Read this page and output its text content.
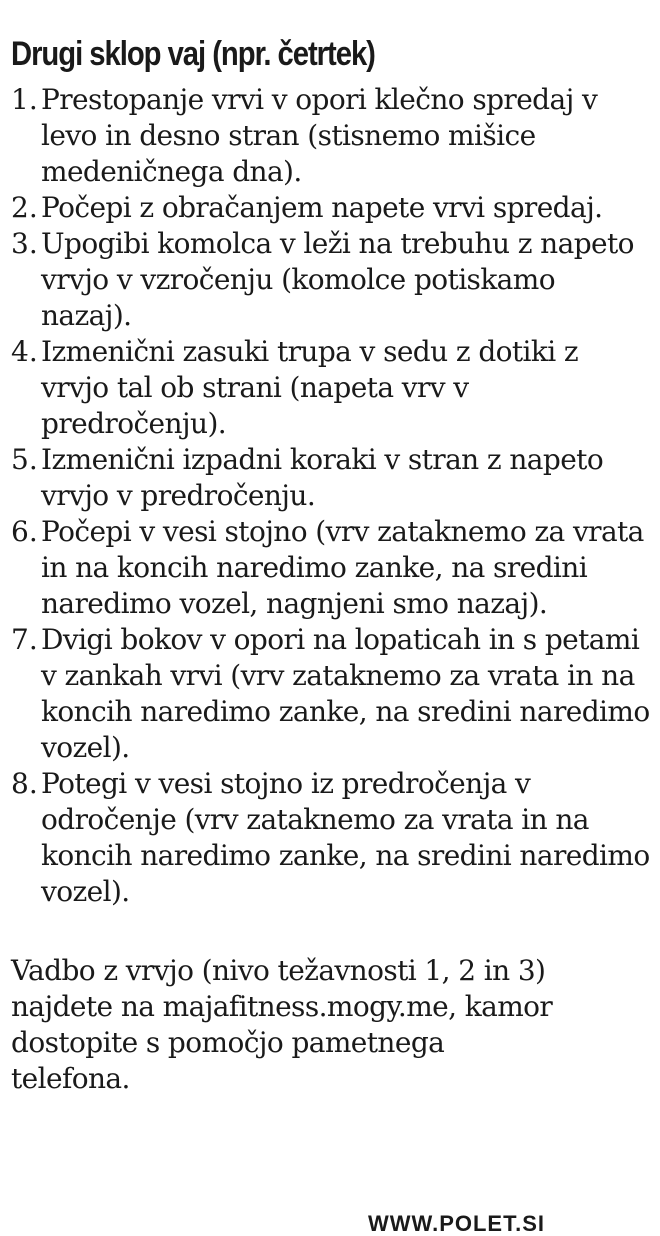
Drugi sklop vaj (npr. četrtek)
1. Prestopanje vrvi v opori klečno spredaj v levo in desno stran (stisnemo mišice medeničnega dna).
2. Počepi z obračanjem napete vrvi spredaj.
3. Upogibi komolca v leži na trebuhu z napeto vrvjo v vzročenju (komolce potiskamo nazaj).
4. Izmenični zasuki trupa v sedu z dotiki z vrvjo tal ob strani (napeta vrv v predročenju).
5. Izmenični izpadni koraki v stran z napeto vrvjo v predročenju.
6. Počepi v vesi stojno (vrv zataknemo za vrata in na koncih naredimo zanke, na sredini naredimo vozel, nagnjeni smo nazaj).
7. Dvigi bokov v opori na lopaticah in s petami v zankah vrvi (vrv zataknemo za vrata in na koncih naredimo zanke, na sredini naredimo vozel).
8. Potegi v vesi stojno iz predročenja v odročenje (vrv zataknemo za vrata in na koncih naredimo zanke, na sredini naredimo vozel).

Vadbo z vrvjo (nivo težavnosti 1, 2 in 3) najdete na majafitness.mogy.me, kamor dostopite s pomočjo pametnega telefona.

WWW.POLET.SI
